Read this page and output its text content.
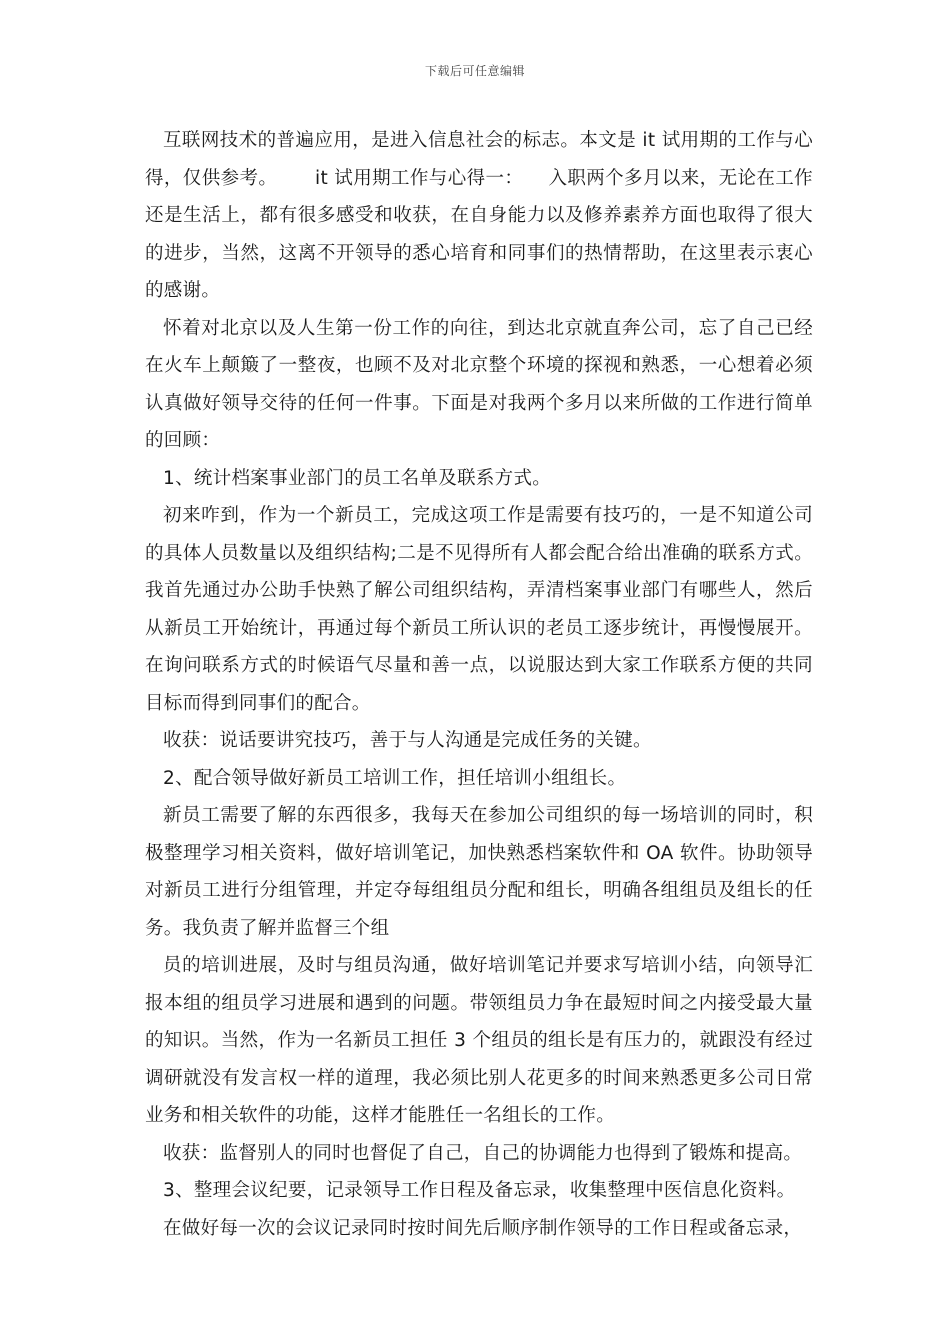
下载后可任意编辑

互联网技术的普遍应用，是进入信息社会的标志。本文是 it 试用期的工作与心得，仅供参考。      it 试用期工作与心得一：    入职两个多月以来，无论在工作还是生活上，都有很多感受和收获，在自身能力以及修养素养方面也取得了很大的进步，当然，这离不开领导的悉心培育和同事们的热情帮助，在这里表示衷心的感谢。

怀着对北京以及人生第一份工作的向往，到达北京就直奔公司，忘了自己已经在火车上颠簸了一整夜，也顾不及对北京整个环境的探视和熟悉，一心想着必须认真做好领导交待的任何一件事。下面是对我两个多月以来所做的工作进行简单的回顾：

1、统计档案事业部门的员工名单及联系方式。

初来咋到，作为一个新员工，完成这项工作是需要有技巧的，一是不知道公司的具体人员数量以及组织结构;二是不见得所有人都会配合给出准确的联系方式。我首先通过办公助手快熟了解公司组织结构，弄清档案事业部门有哪些人，然后从新员工开始统计，再通过每个新员工所认识的老员工逐步统计，再慢慢展开。在询问联系方式的时候语气尽量和善一点，以说服达到大家工作联系方便的共同目标而得到同事们的配合。

收获：说话要讲究技巧，善于与人沟通是完成任务的关键。

2、配合领导做好新员工培训工作，担任培训小组组长。

新员工需要了解的东西很多，我每天在参加公司组织的每一场培训的同时，积极整理学习相关资料，做好培训笔记，加快熟悉档案软件和 OA 软件。协助领导对新员工进行分组管理，并定夺每组组员分配和组长，明确各组组员及组长的任务。我负责了解并监督三个组

员的培训进展，及时与组员沟通，做好培训笔记并要求写培训小结，向领导汇报本组的组员学习进展和遇到的问题。带领组员力争在最短时间之内接受最大量的知识。当然，作为一名新员工担任 3 个组员的组长是有压力的，就跟没有经过调研就没有发言权一样的道理，我必须比别人花更多的时间来熟悉更多公司日常业务和相关软件的功能，这样才能胜任一名组长的工作。

收获：监督别人的同时也督促了自己，自己的协调能力也得到了锻炼和提高。

3、整理会议纪要，记录领导工作日程及备忘录，收集整理中医信息化资料。

在做好每一次的会议记录同时按时间先后顺序制作领导的工作日程或备忘录，
